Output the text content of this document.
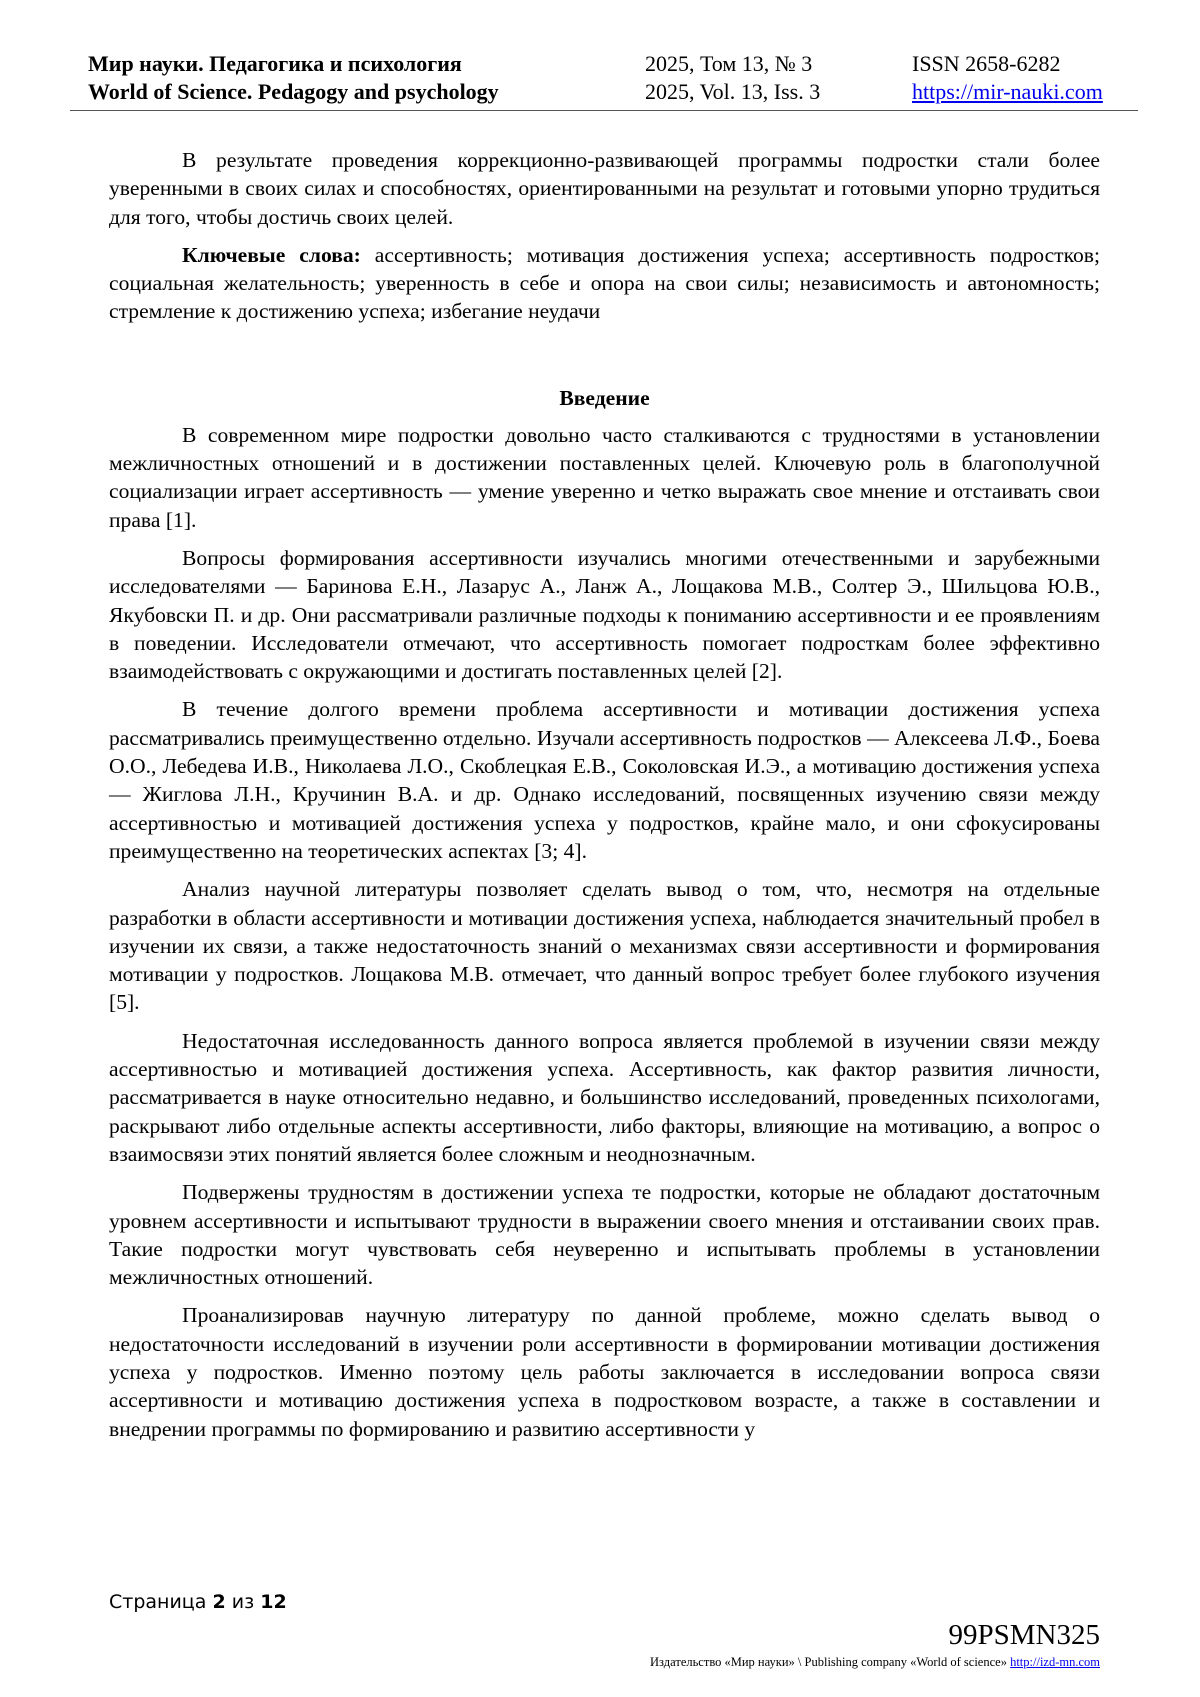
Мир науки. Педагогика и психология
World of Science. Pedagogy and psychology
2025, Том 13, № 3
2025, Vol. 13, Iss. 3
ISSN 2658-6282
https://mir-nauki.com

В результате проведения коррекционно-развивающей программы подростки стали более уверенными в своих силах и способностях, ориентированными на результат и готовыми упорно трудиться для того, чтобы достичь своих целей.

Ключевые слова: ассертивность; мотивация достижения успеха; ассертивность подростков; социальная желательность; уверенность в себе и опора на свои силы; независимость и автономность; стремление к достижению успеха; избегание неудачи

Введение

В современном мире подростки довольно часто сталкиваются с трудностями в установлении межличностных отношений и в достижении поставленных целей. Ключевую роль в благополучной социализации играет ассертивность — умение уверенно и четко выражать свое мнение и отстаивать свои права [1].

Вопросы формирования ассертивности изучались многими отечественными и зарубежными исследователями — Баринова Е.Н., Лазарус А., Ланж А., Лощакова М.В., Солтер Э., Шильцова Ю.В., Якубовски П. и др. Они рассматривали различные подходы к пониманию ассертивности и ее проявлениям в поведении. Исследователи отмечают, что ассертивность помогает подросткам более эффективно взаимодействовать с окружающими и достигать поставленных целей [2].

В течение долгого времени проблема ассертивности и мотивации достижения успеха рассматривались преимущественно отдельно. Изучали ассертивность подростков — Алексеева Л.Ф., Боева О.О., Лебедева И.В., Николаева Л.О., Скоблецкая Е.В., Соколовская И.Э., а мотивацию достижения успеха — Жиглова Л.Н., Кручинин В.А. и др. Однако исследований, посвященных изучению связи между ассертивностью и мотивацией достижения успеха у подростков, крайне мало, и они сфокусированы преимущественно на теоретических аспектах [3; 4].

Анализ научной литературы позволяет сделать вывод о том, что, несмотря на отдельные разработки в области ассертивности и мотивации достижения успеха, наблюдается значительный пробел в изучении их связи, а также недостаточность знаний о механизмах связи ассертивности и формирования мотивации у подростков. Лощакова М.В. отмечает, что данный вопрос требует более глубокого изучения [5].

Недостаточная исследованность данного вопроса является проблемой в изучении связи между ассертивностью и мотивацией достижения успеха. Ассертивность, как фактор развития личности, рассматривается в науке относительно недавно, и большинство исследований, проведенных психологами, раскрывают либо отдельные аспекты ассертивности, либо факторы, влияющие на мотивацию, а вопрос о взаимосвязи этих понятий является более сложным и неоднозначным.

Подвержены трудностям в достижении успеха те подростки, которые не обладают достаточным уровнем ассертивности и испытывают трудности в выражении своего мнения и отстаивании своих прав. Такие подростки могут чувствовать себя неуверенно и испытывать проблемы в установлении межличностных отношений.

Проанализировав научную литературу по данной проблеме, можно сделать вывод о недостаточности исследований в изучении роли ассертивности в формировании мотивации достижения успеха у подростков. Именно поэтому цель работы заключается в исследовании вопроса связи ассертивности и мотивацию достижения успеха в подростковом возрасте, а также в составлении и внедрении программы по формированию и развитию ассертивности у

Страница 2 из 12
99PSMN325
Издательство «Мир науки» \ Publishing company «World of science» http://izd-mn.com
